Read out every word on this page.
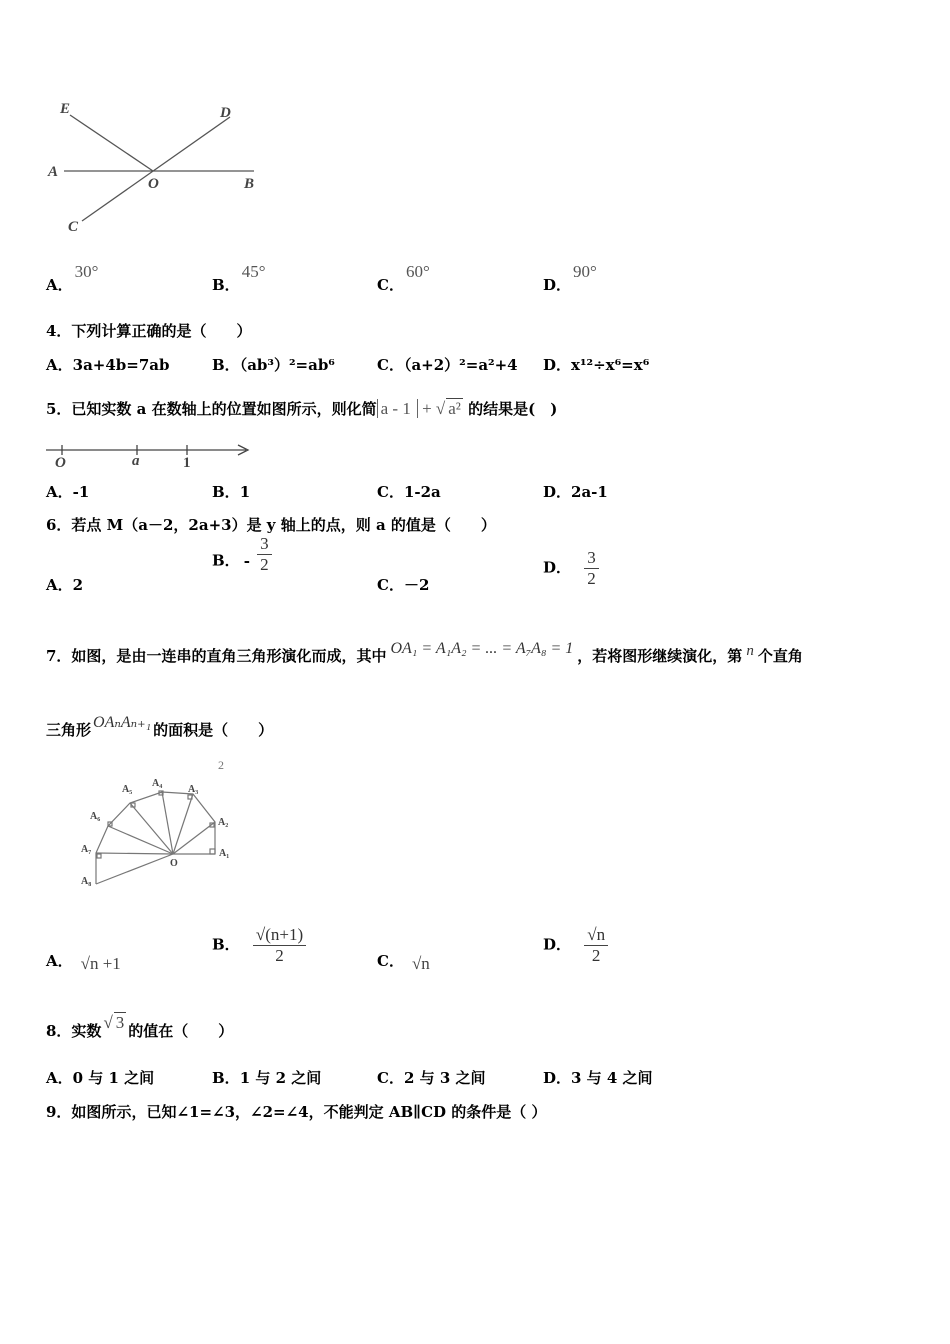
E	D
A
O	B
C
A．30°
B．45°
C．60°
D．90°
4．下列计算正确的是（　　）
A．3a+4b=7ab	B．（ab³）²=ab⁶	C．（a+2）²=a²+4 D．x¹²÷x⁶=x⁶
5．已知实数 a 在数轴上的位置如图所示，则化简 a - 1 + √ a² 的结果是(　)
O	a	1
A．-1	B．1	C．1-2a	D．2a-1
6．若点 M（a－2，2a+3）是 y 轴上的点，则 a 的值是（　　）
A．2
B． - $\frac{3}{2}$
C．－2
D． $\frac{3}{2}$
7．如图，是由一连串的直角三角形演化而成，其中 OA₁ = A₁A₂ = ... = A₇A₈ = 1 ，若将图形继续演化，第 n 个直角
三角形 OAₙAₙ₊₁ 的面积是（　　）
2
A₁
A₂
A₃
A₄
A₅
A₆
A₇
A₈
O
A． √n +1
B． $\frac{√(n+1)}{2}$	C． √n
D． $\frac{√n}{2}$
8．实数 √ 3 的值在（　　）
A．0 与 1 之间	B．1 与 2 之间	C．2 与 3 之间	D．3 与 4 之间
9．如图所示，已知∠1=∠3，∠2=∠4，不能判定 AB∥CD 的条件是（ ）
